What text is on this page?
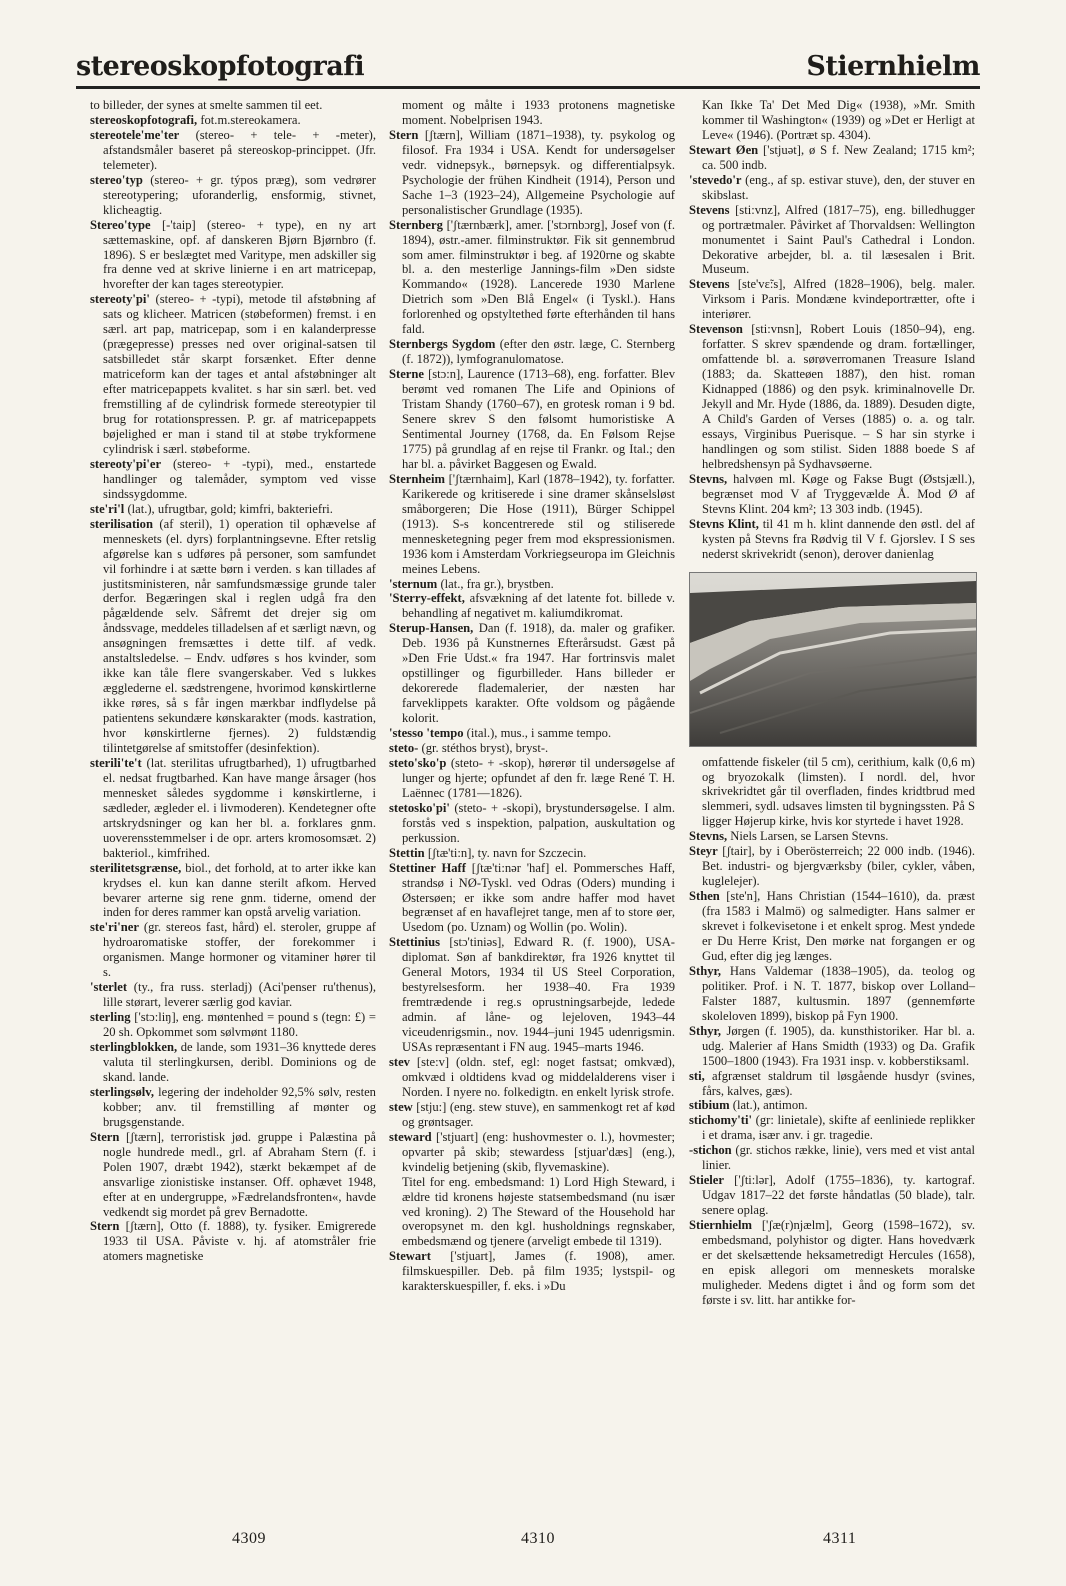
stereoskopfotografi	Stiernhielm

to billeder, der synes at smelte sammen til eet.

stereoskopfotografi, fot.m.stereokamera.

stereotele'me'ter (stereo- + tele- + -meter), afstandsmåler baseret på stereoskop-princippet. (Jfr. telemeter).

stereo'typ (stereo- + gr. týpos præg), som vedrører stereotypering; uforanderlig, ensformig, stivnet, klicheagtig.

Stereo'type [-'taip] (stereo- + type), en ny art sættemaskine, opf. af danskeren Bjørn Bjørnbro (f. 1896). S er beslægtet med Varitype, men adskiller sig fra denne ved at skrive linierne i en art matricepap, hvorefter der kan tages stereotypier.

stereoty'pi' (stereo- + -typi), metode til afstøbning af sats og klicheer. Matricen (støbeformen) fremst. i en særl. art pap, matricepap, som i en kalanderpresse (prægepresse) presses ned over original-satsen til satsbilledet står skarpt forsænket. Efter denne matriceform kan der tages et antal afstøbninger alt efter matricepappets kvalitet. s har sin særl. bet. ved fremstilling af de cylindrisk formede stereotypier til brug for rotationspressen. P. gr. af matricepappets bøjelighed er man i stand til at støbe trykformene cylindrisk i særl. støbeforme.

stereoty'pi'er (stereo- + -typi), med., enstartede handlinger og talemåder, symptom ved visse sindssygdomme.

ste'ri'l (lat.), ufrugtbar, gold; kimfri, bakteriefri.

sterilisation (af steril), 1) operation til ophævelse af menneskets (el. dyrs) forplantningsevne. Efter retslig afgørelse kan s udføres på personer, som samfundet vil forhindre i at sætte børn i verden. s kan tillades af justitsministeren, når samfundsmæssige grunde taler derfor. Begæringen skal i reglen udgå fra den pågældende selv. Såfremt det drejer sig om åndssvage, meddeles tilladelsen af et særligt nævn, og ansøgningen fremsættes i dette tilf. af vedk. anstaltsledelse. – Endv. udføres s hos kvinder, som ikke kan tåle flere svangerskaber. Ved s lukkes ægglederne el. sædstrengene, hvorimod kønskirtlerne ikke røres, så s får ingen mærkbar indflydelse på patientens sekundære kønskarakter (mods. kastration, hvor kønskirtlerne fjernes). 2) fuldstændig tilintetgørelse af smitstoffer (desinfektion).

sterili'te't (lat. sterilitas ufrugtbarhed), 1) ufrugtbarhed el. nedsat frugtbarhed. Kan have mange årsager (hos mennesket således sygdomme i kønskirtlerne, i sædleder, ægleder el. i livmoderen). Kendetegner ofte artskrydsninger og kan her bl. a. forklares gnm. uoverensstemmelser i de opr. arters kromosomsæt. 2) bakteriol., kimfrihed.

sterilitetsgrænse, biol., det forhold, at to arter ikke kan krydses el. kun kan danne sterilt afkom. Herved bevarer arterne sig rene gnm. tiderne, omend der inden for deres rammer kan opstå arvelig variation.

ste'ri'ner (gr. stereos fast, hård) el. steroler, gruppe af hydroaromatiske stoffer, der forekommer i organismen. Mange hormoner og vitaminer hører til s.

'sterlet (ty., fra russ. sterladj) (Aci'penser ru'thenus), lille størart, leverer særlig god kaviar.

sterling ['stɔ:liŋ], eng. møntenhed = pound s (tegn: £) = 20 sh. Opkommet som sølvmønt 1180.

sterlingblokken, de lande, som 1931–36 knyttede deres valuta til sterlingkursen, deribl. Dominions og de skand. lande.

sterlingsølv, legering der indeholder 92,5% sølv, resten kobber; anv. til fremstilling af mønter og brugsgenstande.

Stern [ʃtærn], terroristisk jød. gruppe i Palæstina på nogle hundrede medl., grl. af Abraham Stern (f. i Polen 1907, dræbt 1942), stærkt bekæmpet af de ansvarlige zionistiske instanser. Off. ophævet 1948, efter at en undergruppe, »Fædrelandsfronten«, havde vedkendt sig mordet på grev Bernadotte.

Stern [ʃtærn], Otto (f. 1888), ty. fysiker. Emigrerede 1933 til USA. Påviste v. hj. af atomstråler frie atomers magnetiske

moment og målte i 1933 protonens magnetiske moment. Nobelprisen 1943.

Stern [ʃtærn], William (1871–1938), ty. psykolog og filosof. Fra 1934 i USA. Kendt for undersøgelser vedr. vidnepsyk., børnepsyk. og differentialpsyk. Psychologie der frühen Kindheit (1914), Person und Sache 1–3 (1923–24), Allgemeine Psychologie auf personalistischer Grundlage (1935).

Sternberg ['ʃtærnbærk], amer. ['stɔrnbɔrg], Josef von (f. 1894), østr.-amer. filminstruktør. Fik sit gennembrud som amer. filminstruktør i beg. af 1920rne og skabte bl. a. den mesterlige Jannings-film »Den sidste Kommando« (1928). Lancerede 1930 Marlene Dietrich som »Den Blå Engel« (i Tyskl.). Hans forlorenhed og opstyltethed førte efterhånden til hans fald.

Sternbergs Sygdom (efter den østr. læge, C. Sternberg (f. 1872)), lymfogranulomatose.

Sterne [stɔ:n], Laurence (1713–68), eng. forfatter. Blev berømt ved romanen The Life and Opinions of Tristam Shandy (1760–67), en grotesk roman i 9 bd. Senere skrev S den følsomt humoristiske A Sentimental Journey (1768, da. En Følsom Rejse 1775) på grundlag af en rejse til Frankr. og Ital.; den har bl. a. påvirket Baggesen og Ewald.

Sternheim ['ʃtærnhaim], Karl (1878–1942), ty. forfatter. Karikerede og kritiserede i sine dramer skånselsløst småborgeren; Die Hose (1911), Bürger Schippel (1913). S-s koncentrerede stil og stiliserede mennesketegning peger frem mod ekspressionismen. 1936 kom i Amsterdam Vorkriegseuropa im Gleichnis meines Lebens.

'sternum (lat., fra gr.), brystben.

'Sterry-effekt, afsvækning af det latente fot. billede v. behandling af negativet m. kaliumdikromat.

Sterup-Hansen, Dan (f. 1918), da. maler og grafiker. Deb. 1936 på Kunstnernes Efterårsudst. Gæst på »Den Frie Udst.« fra 1947. Har fortrinsvis malet opstillinger og figurbilleder. Hans billeder er dekorerede flademalerier, der næsten har farveklippets karakter. Ofte voldsom og pågående kolorit.

'stesso 'tempo (ital.), mus., i samme tempo.

steto- (gr. stéthos bryst), bryst-.

steto'sko'p (steto- + -skop), hørerør til undersøgelse af lunger og hjerte; opfundet af den fr. læge René T. H. Laënnec (1781—1826).

stetosko'pi' (steto- + -skopi), brystundersøgelse. I alm. forstås ved s inspektion, palpation, auskultation og perkussion.

Stettin [ʃtæ'ti:n], ty. navn for Szczecin.

Stettiner Haff [ʃtæ'ti:nər 'haf] el. Pommersches Haff, strandsø i NØ-Tyskl. ved Odras (Oders) munding i Østersøen; er ikke som andre haffer mod havet begrænset af en havaflejret tange, men af to store øer, Usedom (po. Uznam) og Wollin (po. Wolin).

Stettinius [stɔ'tiniəs], Edward R. (f. 1900), USA-diplomat. Søn af bankdirektør, fra 1926 knyttet til General Motors, 1934 til US Steel Corporation, bestyrelsesform. her 1938–40. Fra 1939 fremtrædende i reg.s oprustningsarbejde, ledede admin. af låne- og lejeloven, 1943–44 viceudenrigsmin., nov. 1944–juni 1945 udenrigsmin. USAs repræsentant i FN aug. 1945–marts 1946.

stev [ste:v] (oldn. stef, egl: noget fastsat; omkvæd), omkvæd i oldtidens kvad og middelalderens viser i Norden. I nyere no. folkedigtn. en enkelt lyrisk strofe.

stew [stju:] (eng. stew stuve), en sammenkogt ret af kød og grøntsager.

steward ['stjuart] (eng: hushovmester o. l.), hovmester; opvarter på skib; stewardess [stjuar'dæs] (eng.), kvindelig betjening (skib, flyvemaskine).

Titel for eng. embedsmand: 1) Lord High Steward, i ældre tid kronens højeste statsembedsmand (nu især ved kroning). 2) The Steward of the Household har overopsynet m. den kgl. husholdnings regnskaber, embedsmænd og tjenere (arveligt embede til 1319).

Stewart ['stjuart], James (f. 1908), amer. filmskuespiller. Deb. på film 1935; lystspil- og karakterskuespiller, f. eks. i »Du

Kan Ikke Ta' Det Med Dig« (1938), »Mr. Smith kommer til Washington« (1939) og »Det er Herligt at Leve« (1946). (Portræt sp. 4304).

Stewart Øen ['stjuət], ø S f. New Zealand; 1715 km²; ca. 500 indb.

'stevedo'r (eng., af sp. estivar stuve), den, der stuver en skibslast.

Stevens [sti:vnz], Alfred (1817–75), eng. billedhugger og portrætmaler. Påvirket af Thorvaldsen: Wellington monumentet i Saint Paul's Cathedral i London. Dekorative arbejder, bl. a. til læsesalen i Brit. Museum.

Stevens [ste'vɛ̃:s], Alfred (1828–1906), belg. maler. Virksom i Paris. Mondæne kvindeportrætter, ofte i interiører.

Stevenson [sti:vnsn], Robert Louis (1850–94), eng. forfatter. S skrev spændende og dram. fortællinger, omfattende bl. a. sørøverromanen Treasure Island (1883; da. Skatteøen 1887), den hist. roman Kidnapped (1886) og den psyk. kriminalnovelle Dr. Jekyll and Mr. Hyde (1886, da. 1889). Desuden digte, A Child's Garden of Verses (1885) o. a. og talr. essays, Virginibus Puerisque. – S har sin styrke i handlingen og som stilist. Siden 1888 boede S af helbredshensyn på Sydhavsøerne.

Stevns, halvøen ml. Køge og Fakse Bugt (Østsjæll.), begrænset mod V af Tryggevælde Å. Mod Ø af Stevns Klint. 204 km²; 13 303 indb. (1945).

Stevns Klint, til 41 m h. klint dannende den østl. del af kysten på Stevns fra Rødvig til V f. Gjorslev. I S ses nederst skrivekridt (senon), derover danienlag

omfattende fiskeler (til 5 cm), cerithium, kalk (0,6 m) og bryozokalk (limsten). I nordl. del, hvor skrivekridtet går til overfladen, findes kridtbrud med slemmeri, sydl. udsaves limsten til bygningssten. På S ligger Højerup kirke, hvis kor styrtede i havet 1928.

Stevns, Niels Larsen, se Larsen Stevns.

Steyr [ʃtair], by i Oberösterreich; 22 000 indb. (1946). Bet. industri- og bjergværksby (biler, cykler, våben, kuglelejer).

Sthen [ste'n], Hans Christian (1544–1610), da. præst (fra 1583 i Malmö) og salmedigter. Hans salmer er skrevet i folkevisetone i et enkelt sprog. Mest yndede er Du Herre Krist, Den mørke nat forgangen er og Gud, efter dig jeg længes.

Sthyr, Hans Valdemar (1838–1905), da. teolog og politiker. Prof. i N. T. 1877, biskop over Lolland–Falster 1887, kultusmin. 1897 (gennemførte skoleloven 1899), biskop på Fyn 1900.

Sthyr, Jørgen (f. 1905), da. kunsthistoriker. Har bl. a. udg. Malerier af Hans Smidth (1933) og Da. Grafik 1500–1800 (1943). Fra 1931 insp. v. kobberstiksaml.

sti, afgrænset staldrum til løsgående husdyr (svines, fårs, kalves, gæs).

stibium (lat.), antimon.

stichomy'ti' (gr: linietale), skifte af eenliniede replikker i et drama, især anv. i gr. tragedie.

-stichon (gr. stichos række, linie), vers med et vist antal linier.

Stieler ['ʃti:lər], Adolf (1755–1836), ty. kartograf. Udgav 1817–22 det første håndatlas (50 blade), talr. senere oplag.

Stiernhielm ['ʃæ(r)njælm], Georg (1598–1672), sv. embedsmand, polyhistor og digter. Hans hovedværk er det skelsættende heksametredigt Hercules (1658), en episk allegori om menneskets moralske muligheder. Medens digtet i ånd og form som det første i sv. litt. har antikke for-

4309	4310	4311
